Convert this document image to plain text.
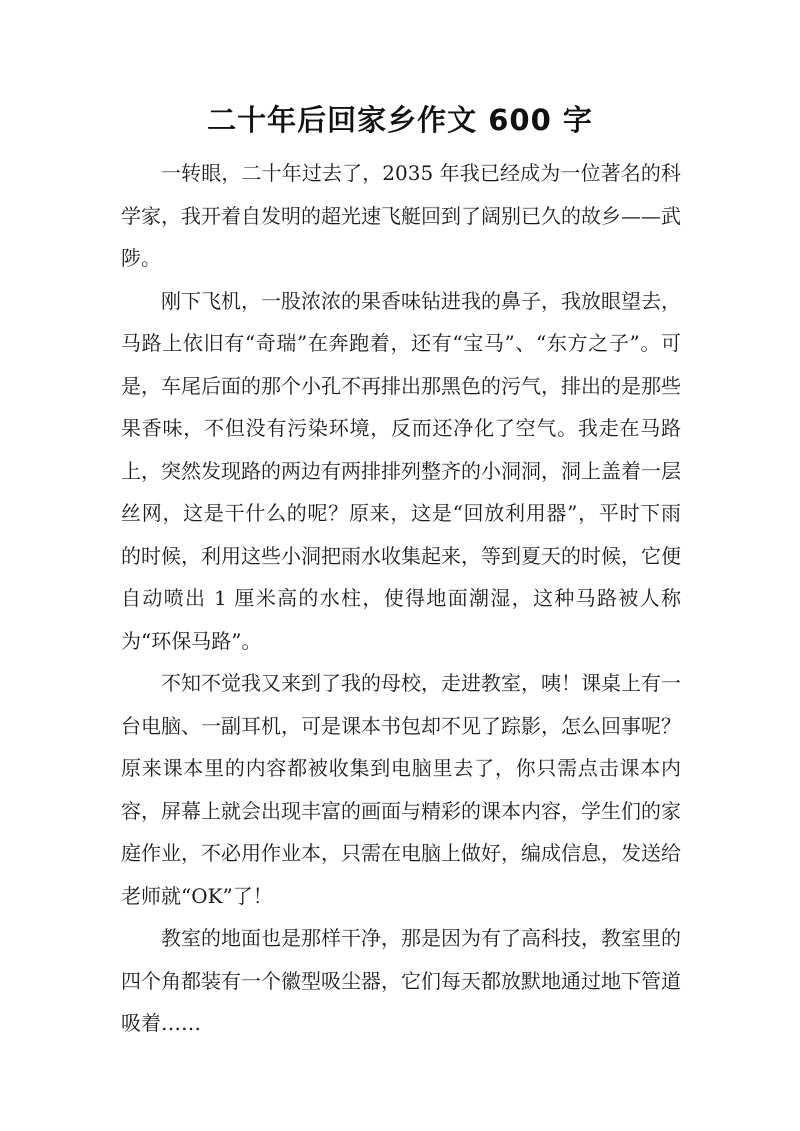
二十年后回家乡作文 600 字

一转眼，二十年过去了，2035 年我已经成为一位著名的科学家，我开着自发明的超光速飞艇回到了阔别已久的故乡——武陟。

刚下飞机，一股浓浓的果香味钻进我的鼻子，我放眼望去，马路上依旧有“奇瑞”在奔跑着，还有“宝马”、“东方之子”。可是，车尾后面的那个小孔不再排出那黑色的污气，排出的是那些果香味，不但没有污染环境，反而还净化了空气。我走在马路上，突然发现路的两边有两排排列整齐的小洞洞，洞上盖着一层丝网，这是干什么的呢？原来，这是“回放利用器”，平时下雨的时候，利用这些小洞把雨水收集起来，等到夏天的时候，它便自动喷出 1 厘米高的水柱，使得地面潮湿，这种马路被人称为“环保马路”。

不知不觉我又来到了我的母校，走进教室，咦！课桌上有一台电脑、一副耳机，可是课本书包却不见了踪影，怎么回事呢？原来课本里的内容都被收集到电脑里去了，你只需点击课本内容，屏幕上就会出现丰富的画面与精彩的课本内容，学生们的家庭作业，不必用作业本，只需在电脑上做好，编成信息，发送给老师就“OK”了！

教室的地面也是那样干净，那是因为有了高科技，教室里的四个角都装有一个徽型吸尘器，它们每天都放默地通过地下管道吸着……
